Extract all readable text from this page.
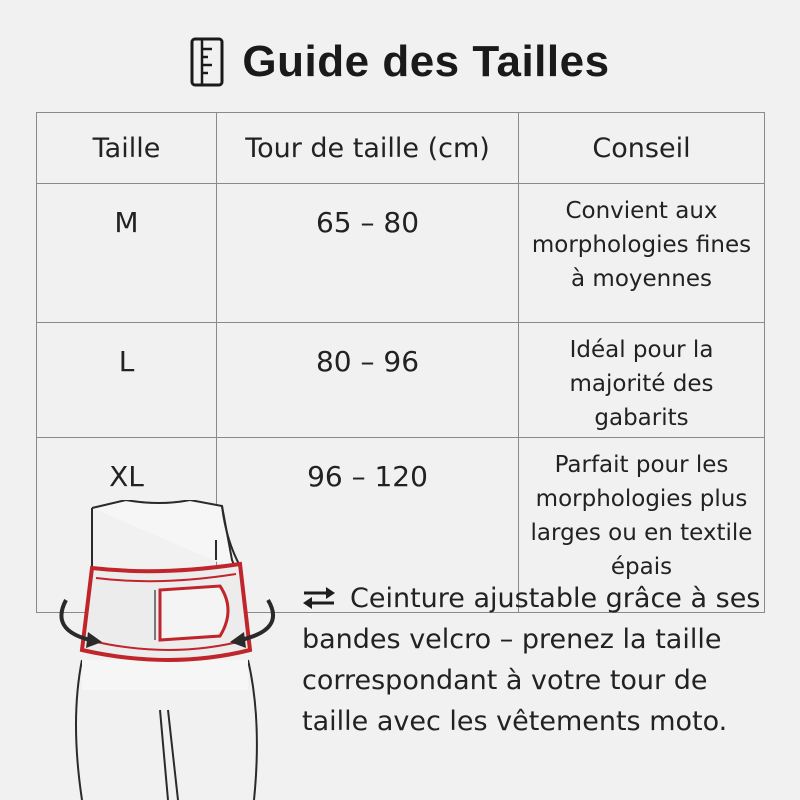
Guide des Tailles
Taille	Tour de taille (cm)	Conseil
M	65 – 80	Convient aux
morphologies fines
à moyennes

L	80 – 96	Idéal pour la
majorité des gabarits

XL	96 – 120	Parfait pour les
morphologies plus
larges ou en textile
épais
Ceinture ajustable grâce à ses bandes velcro – prenez la taille correspondant à votre tour de taille avec les vêtements moto.
